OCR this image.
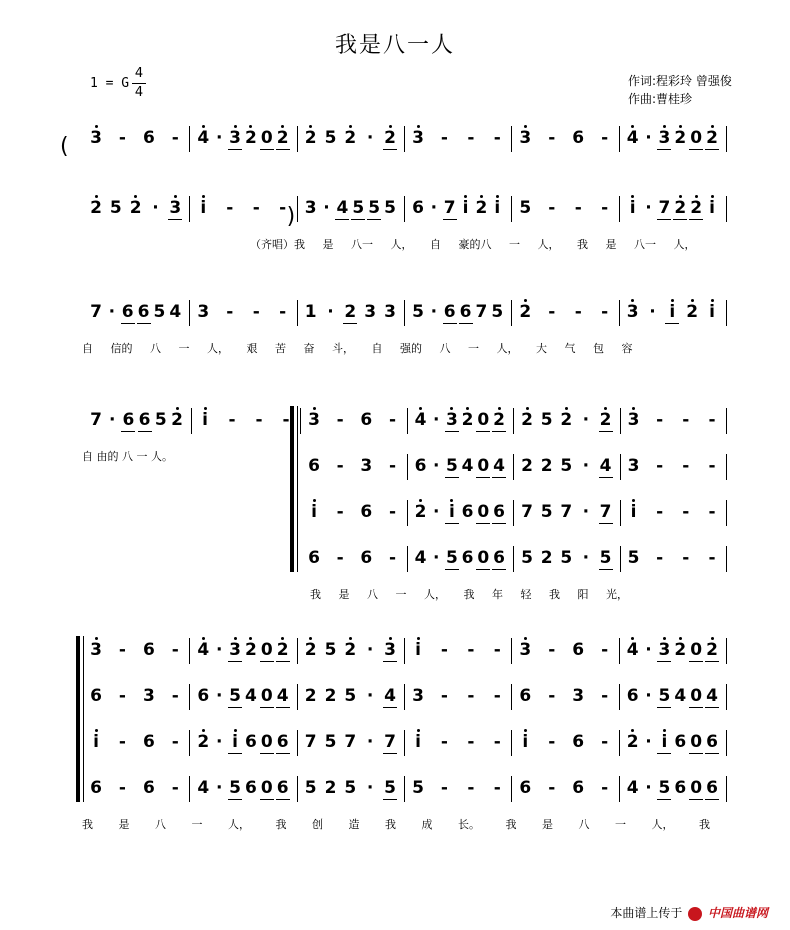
我是八一人
1 = G
4
4
作词:程彩玲 曾强俊
作曲:曹桂珍
( 3 - 6 - 4 · 3 2 0 2 2 5 2 · 2 3 - - - 3 - 6 - 4 · 3 2 0 2
2 5 2 · 3 i - - - 3 · 4 5 5 5 6 · 7 i 2 i 5 - - - i · 7 2 2 i
)
（齐唱）我 是 八一 人， 自 豪的八 一 人， 我 是 八一 人，
7 · 6 6 5 4 3 - - - 1 · 2 3 3 5 · 6 6 7 5 2 - - - 3 · i 2 i
自 信的 八 一 人， 艰 苦 奋 斗， 自 强的 八 一 人， 大 气 包 容
7 · 6 6 5 2 i - - - 3 - 6 - 4 · 3 2 0 2 2 5 2 · 2 3 - - -
6 - 3 - 6 · 5 4 0 4 2 2 5 · 4 3 - - -
i - 6 - 2 · i 6 0 6 7 5 7 · 7 i - - -
6 - 6 - 4 · 5 6 0 6 5 2 5 · 5 5 - - -
自 由的 八 一 人。
我 是 八 一 人， 我 年 轻 我 阳 光，
3 - 6 - 4 · 3 2 0 2 2 5 2 · 3 i - - - 3 - 6 - 4 · 3 2 0 2
6 - 3 - 6 · 5 4 0 4 2 2 5 · 4 3 - - - 6 - 3 - 6 · 5 4 0 4
i - 6 - 2 · i 6 0 6 7 5 7 · 7 i - - - i - 6 - 2 · i 6 0 6
6 - 6 - 4 · 5 6 0 6 5 2 5 · 5 5 - - - 6 - 6 - 4 · 5 6 0 6
我 是 八 一 人， 我 创 造 我 成 长。 我 是 八 一 人， 我
本曲谱上传于 中国曲谱网
